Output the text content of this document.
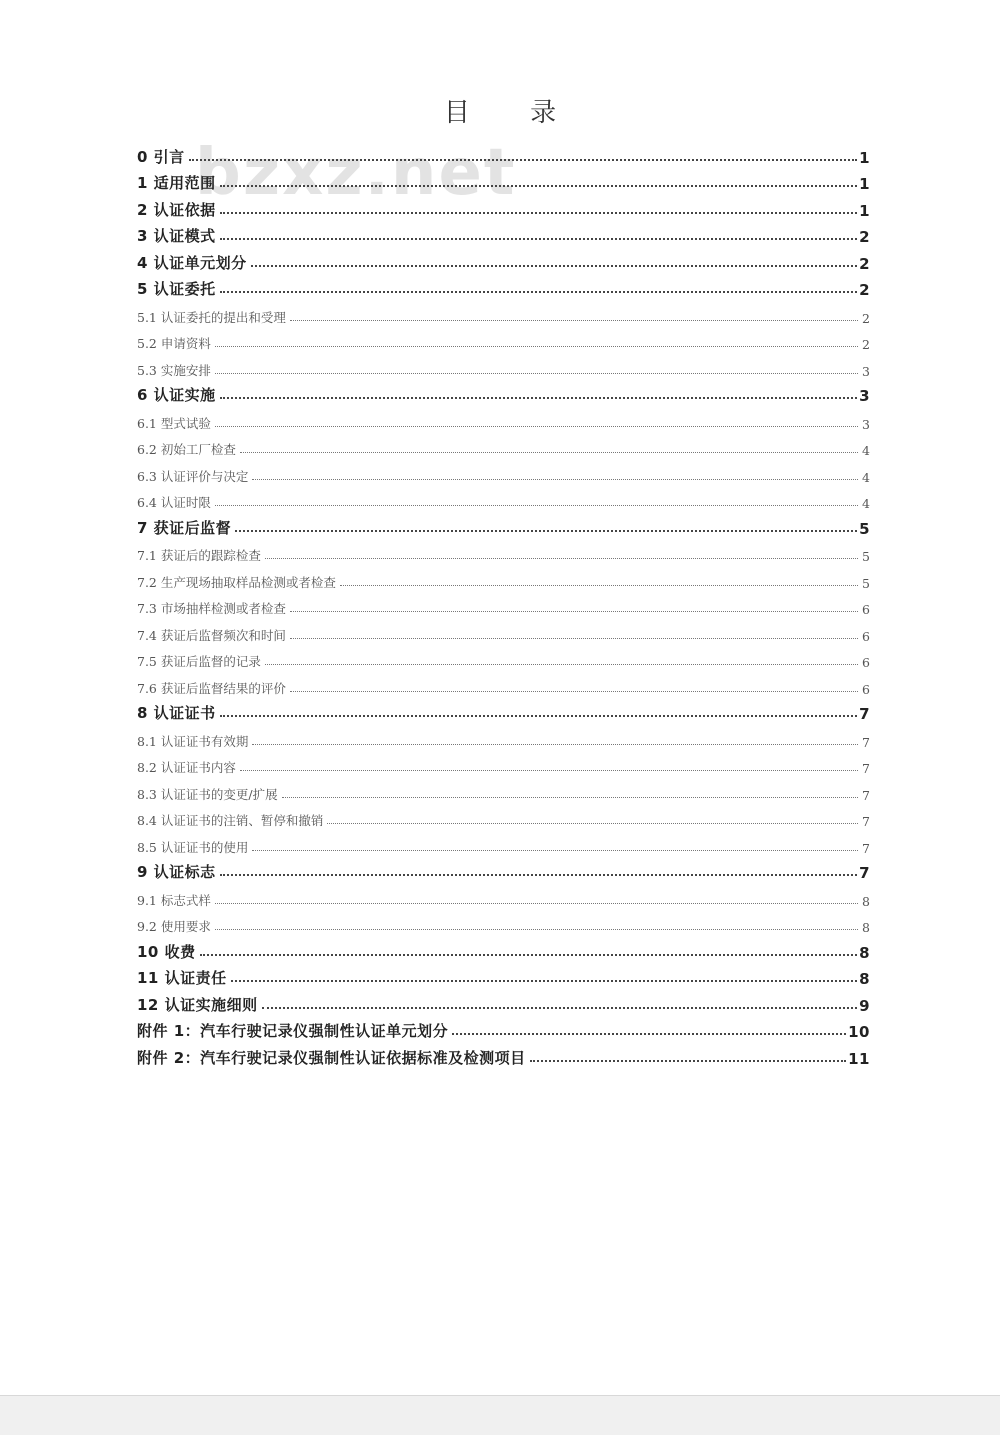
目 录
bzxz.net
0 引言	1
1 适用范围	1
2 认证依据	1
3 认证模式	2
4 认证单元划分	2
5 认证委托	2
5.1 认证委托的提出和受理	2
5.2 申请资料	2
5.3 实施安排	3
6 认证实施	3
6.1 型式试验	3
6.2 初始工厂检查	4
6.3 认证评价与决定	4
6.4 认证时限	4
7 获证后监督	5
7.1 获证后的跟踪检查	5
7.2 生产现场抽取样品检测或者检查	5
7.3 市场抽样检测或者检查	6
7.4 获证后监督频次和时间	6
7.5 获证后监督的记录	6
7.6 获证后监督结果的评价	6
8 认证证书	7
8.1 认证证书有效期	7
8.2 认证证书内容	7
8.3 认证证书的变更/扩展	7
8.4 认证证书的注销、暂停和撤销	7
8.5 认证证书的使用	7
9 认证标志	7
9.1 标志式样	8
9.2 使用要求	8
10 收费	8
11 认证责任	8
12 认证实施细则	9
附件 1：汽车行驶记录仪强制性认证单元划分	10
附件 2：汽车行驶记录仪强制性认证依据标准及检测项目	11
